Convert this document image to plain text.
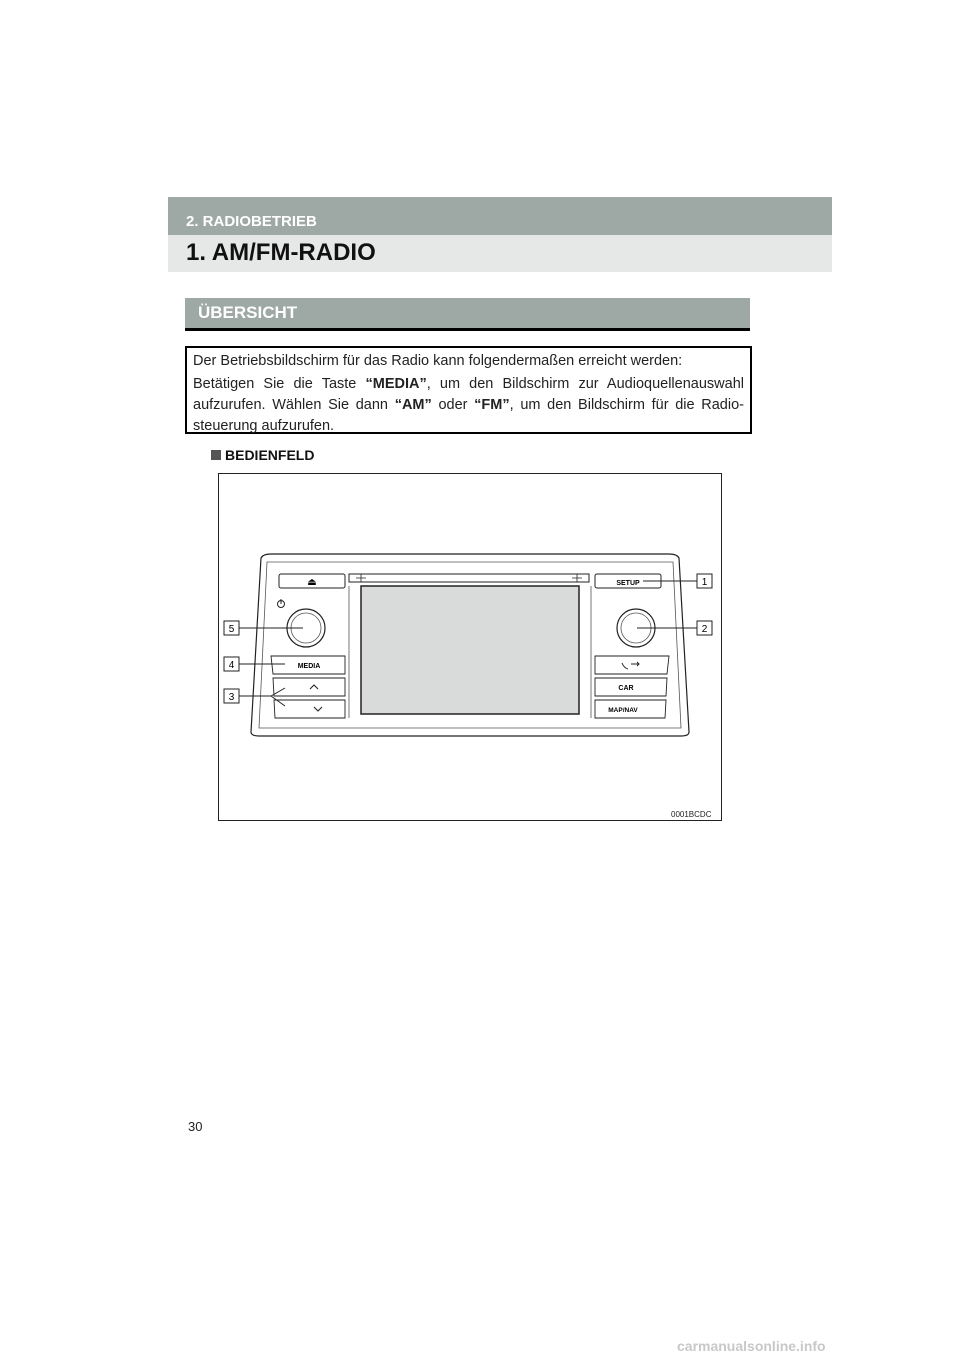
2. RADIOBETRIEB
1. AM/FM-RADIO
ÜBERSICHT

Der Betriebsbildschirm für das Radio kann folgendermaßen erreicht werden:

Betätigen Sie die Taste “MEDIA”, um den Bildschirm zur Audioquellenauswahl aufzurufen. Wählen Sie dann “AM” oder “FM”, um den Bildschirm für die Radio-steuerung aufzurufen.

BEDIENFELD
⏏	SETUP
MEDIA
CAR
MAP/NAV
1
2
3
4
5
0001BCDC
30
carmanualsonline.info
